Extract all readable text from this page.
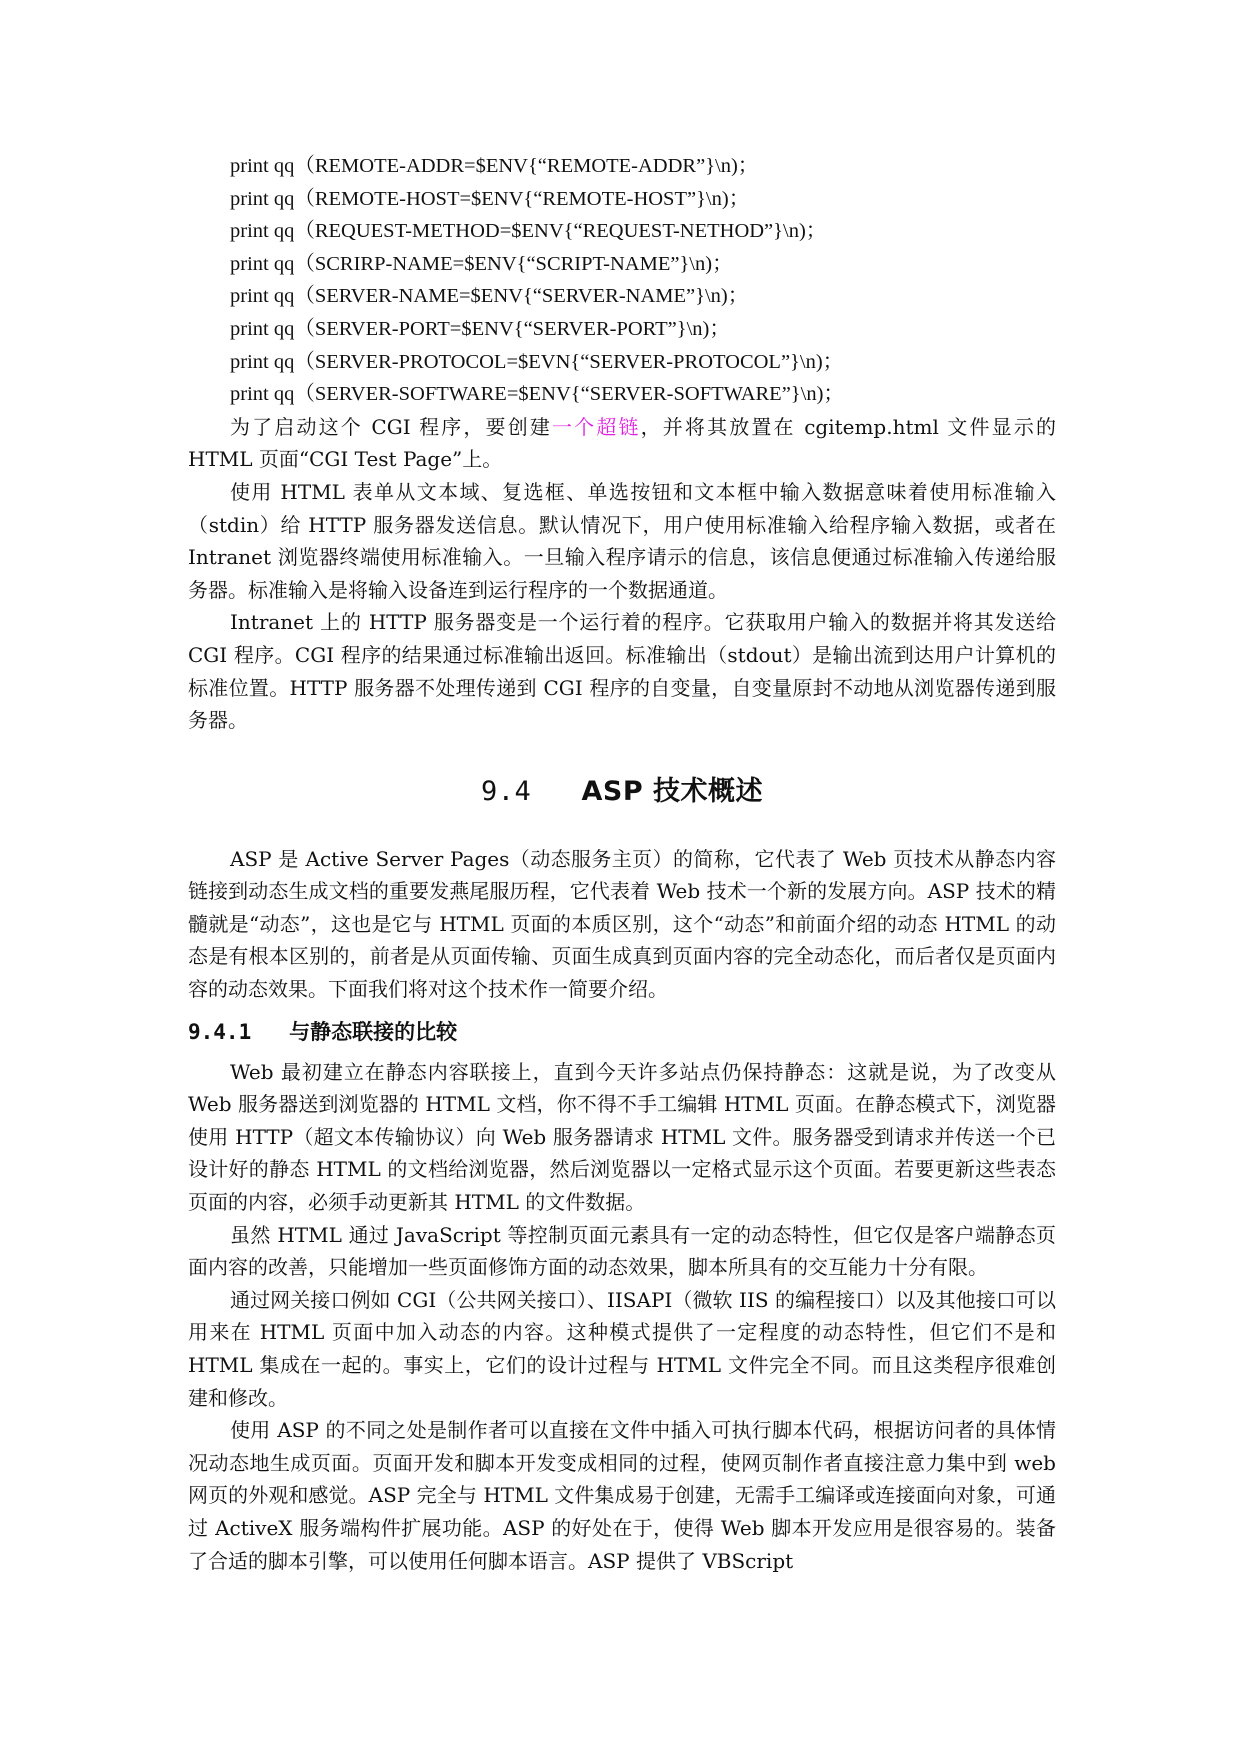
print qq（REMOTE-ADDR=$ENV{“REMOTE-ADDR”}\n)；
print qq（REMOTE-HOST=$ENV{“REMOTE-HOST”}\n)；
print qq（REQUEST-METHOD=$ENV{“REQUEST-NETHOD”}\n)；
print qq（SCRIRP-NAME=$ENV{“SCRIPT-NAME”}\n)；
print qq（SERVER-NAME=$ENV{“SERVER-NAME”}\n)；
print qq（SERVER-PORT=$ENV{“SERVER-PORT”}\n)；
print qq（SERVER-PROTOCOL=$EVN{“SERVER-PROTOCOL”}\n)；
print qq（SERVER-SOFTWARE=$ENV{“SERVER-SOFTWARE”}\n)；

为了启动这个 CGI 程序，要创建一个超链，并将其放置在 cgitemp.html 文件显示的 HTML 页面“CGI Test Page”上。

使用 HTML 表单从文本域、复选框、单选按钮和文本框中输入数据意味着使用标准输入（stdin）给 HTTP 服务器发送信息。默认情况下，用户使用标准输入给程序输入数据，或者在 Intranet 浏览器终端使用标准输入。一旦输入程序请示的信息，该信息便通过标准输入传递给服务器。标准输入是将输入设备连到运行程序的一个数据通道。

Intranet 上的 HTTP 服务器变是一个运行着的程序。它获取用户输入的数据并将其发送给 CGI 程序。CGI 程序的结果通过标准输出返回。标准输出（stdout）是输出流到达用户计算机的标准位置。HTTP 服务器不处理传递到 CGI 程序的自变量，自变量原封不动地从浏览器传递到服务器。

9.4 ASP 技术概述

ASP 是 Active Server Pages（动态服务主页）的简称，它代表了 Web 页技术从静态内容链接到动态生成文档的重要发燕尾服历程，它代表着 Web 技术一个新的发展方向。ASP 技术的精髓就是“动态”，这也是它与 HTML 页面的本质区别，这个“动态”和前面介绍的动态 HTML 的动态是有根本区别的，前者是从页面传输、页面生成真到页面内容的完全动态化，而后者仅是页面内容的动态效果。下面我们将对这个技术作一简要介绍。

9.4.1 与静态联接的比较

Web 最初建立在静态内容联接上，直到今天许多站点仍保持静态：这就是说，为了改变从 Web 服务器送到浏览器的 HTML 文档，你不得不手工编辑 HTML 页面。在静态模式下，浏览器使用 HTTP（超文本传输协议）向 Web 服务器请求 HTML 文件。服务器受到请求并传送一个已设计好的静态 HTML 的文档给浏览器，然后浏览器以一定格式显示这个页面。若要更新这些表态页面的内容，必须手动更新其 HTML 的文件数据。

虽然 HTML 通过 JavaScript 等控制页面元素具有一定的动态特性，但它仅是客户端静态页面内容的改善，只能增加一些页面修饰方面的动态效果，脚本所具有的交互能力十分有限。

通过网关接口例如 CGI（公共网关接口）、IISAPI（微软 IIS 的编程接口）以及其他接口可以用来在 HTML 页面中加入动态的内容。这种模式提供了一定程度的动态特性，但它们不是和 HTML 集成在一起的。事实上，它们的设计过程与 HTML 文件完全不同。而且这类程序很难创建和修改。

使用 ASP 的不同之处是制作者可以直接在文件中插入可执行脚本代码，根据访问者的具体情况动态地生成页面。页面开发和脚本开发变成相同的过程，使网页制作者直接注意力集中到 web 网页的外观和感觉。ASP 完全与 HTML 文件集成易于创建，无需手工编译或连接面向对象，可通过 ActiveX 服务端构件扩展功能。ASP 的好处在于，使得 Web 脚本开发应用是很容易的。装备了合适的脚本引擎，可以使用任何脚本语言。ASP 提供了 VBScript
